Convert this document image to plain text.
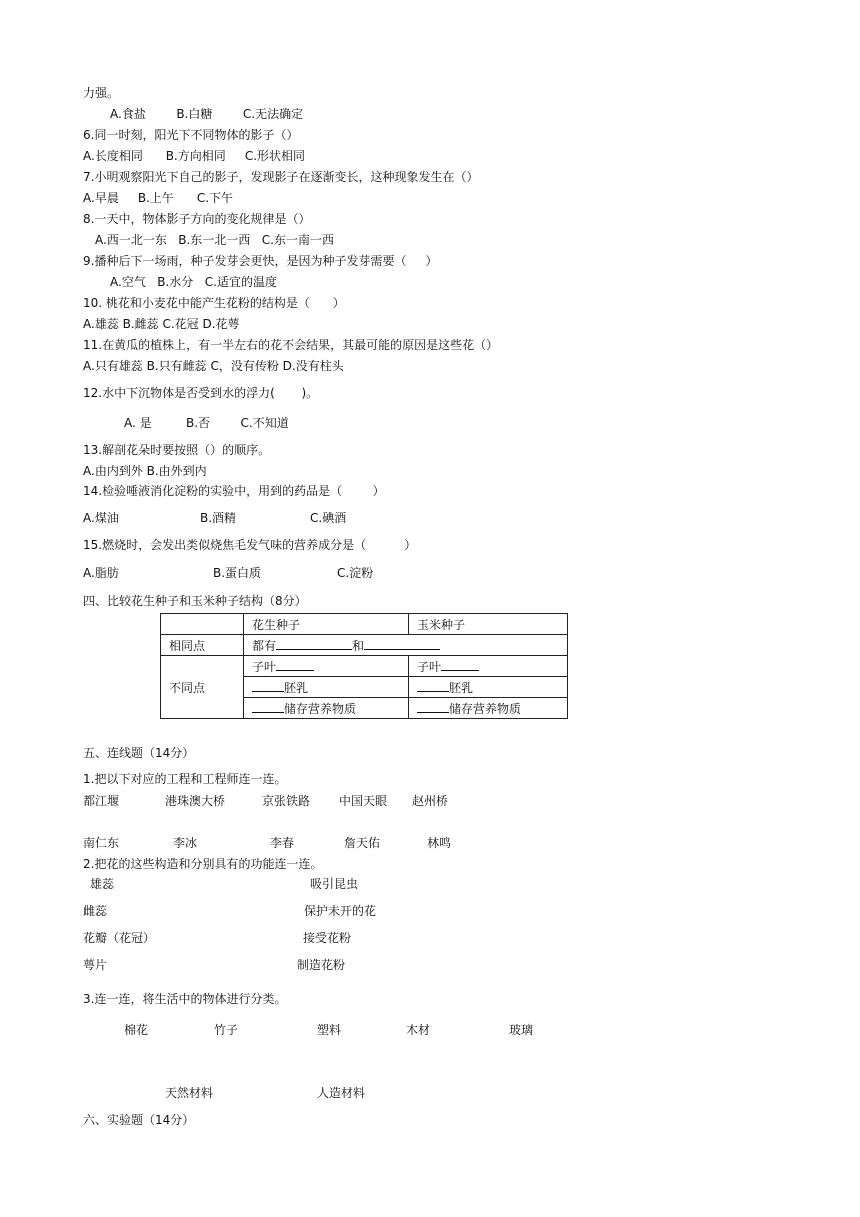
力强。
A.食盐        B.白糖        C.无法确定
6.同一时刻，阳光下不同物体的影子（）
A.长度相同      B.方向相同     C.形状相同
7.小明观察阳光下自己的影子，发现影子在逐渐变长，这种现象发生在（）
A.早晨     B.上午      C.下午
8.一天中，物体影子方向的变化规律是（）
A.西一北一东   B.东一北一西   C.东一南一西
9.播种后下一场雨，种子发芽会更快，是因为种子发芽需要（     ）
A.空气   B.水分   C.适宜的温度
10. 桃花和小麦花中能产生花粉的结构是（      ）
A.雄蕊 B.雌蕊 C.花冠 D.花萼
11.在黄瓜的植株上，有一半左右的花不会结果，其最可能的原因是这些花（）
A.只有雄蕊 B.只有雌蕊 C，没有传粉 D.没有柱头
12.水中下沉物体是否受到水的浮力(       )。
A. 是         B.否        C.不知道
13.解剖花朵时要按照（）的顺序。
A.由内到外 B.由外到内
14.检验唾液消化淀粉的实验中，用到的药品是（        ）
A.煤油	B.酒精	C.碘酒
15.燃烧时，会发出类似烧焦毛发气味的营养成分是（          ）
A.脂肪	B.蛋白质	C.淀粉
四、比较花生种子和玉米种子结构（8分）
	花生种子	玉米种子
相同点	都有 和	
不同点	子叶	子叶
	胚乳	胚乳
	储存营养物质	储存营养物质
五、连线题（14分）
1.把以下对应的工程和工程师连一连。
都江堰	港珠澳大桥	京张铁路 中国天眼 赵州桥
南仁东	李冰	李春	詹天佑	林鸣
2.把花的这些构造和分别具有的功能连一连。
雄蕊
雌蕊
花瓣（花冠）
萼片
吸引昆虫
保护未开的花
接受花粉
制造花粉
3.连一连，将生活中的物体进行分类。
棉花	竹子	塑料	木材	玻璃
天然材料	人造材料
六、实验题（14分）
